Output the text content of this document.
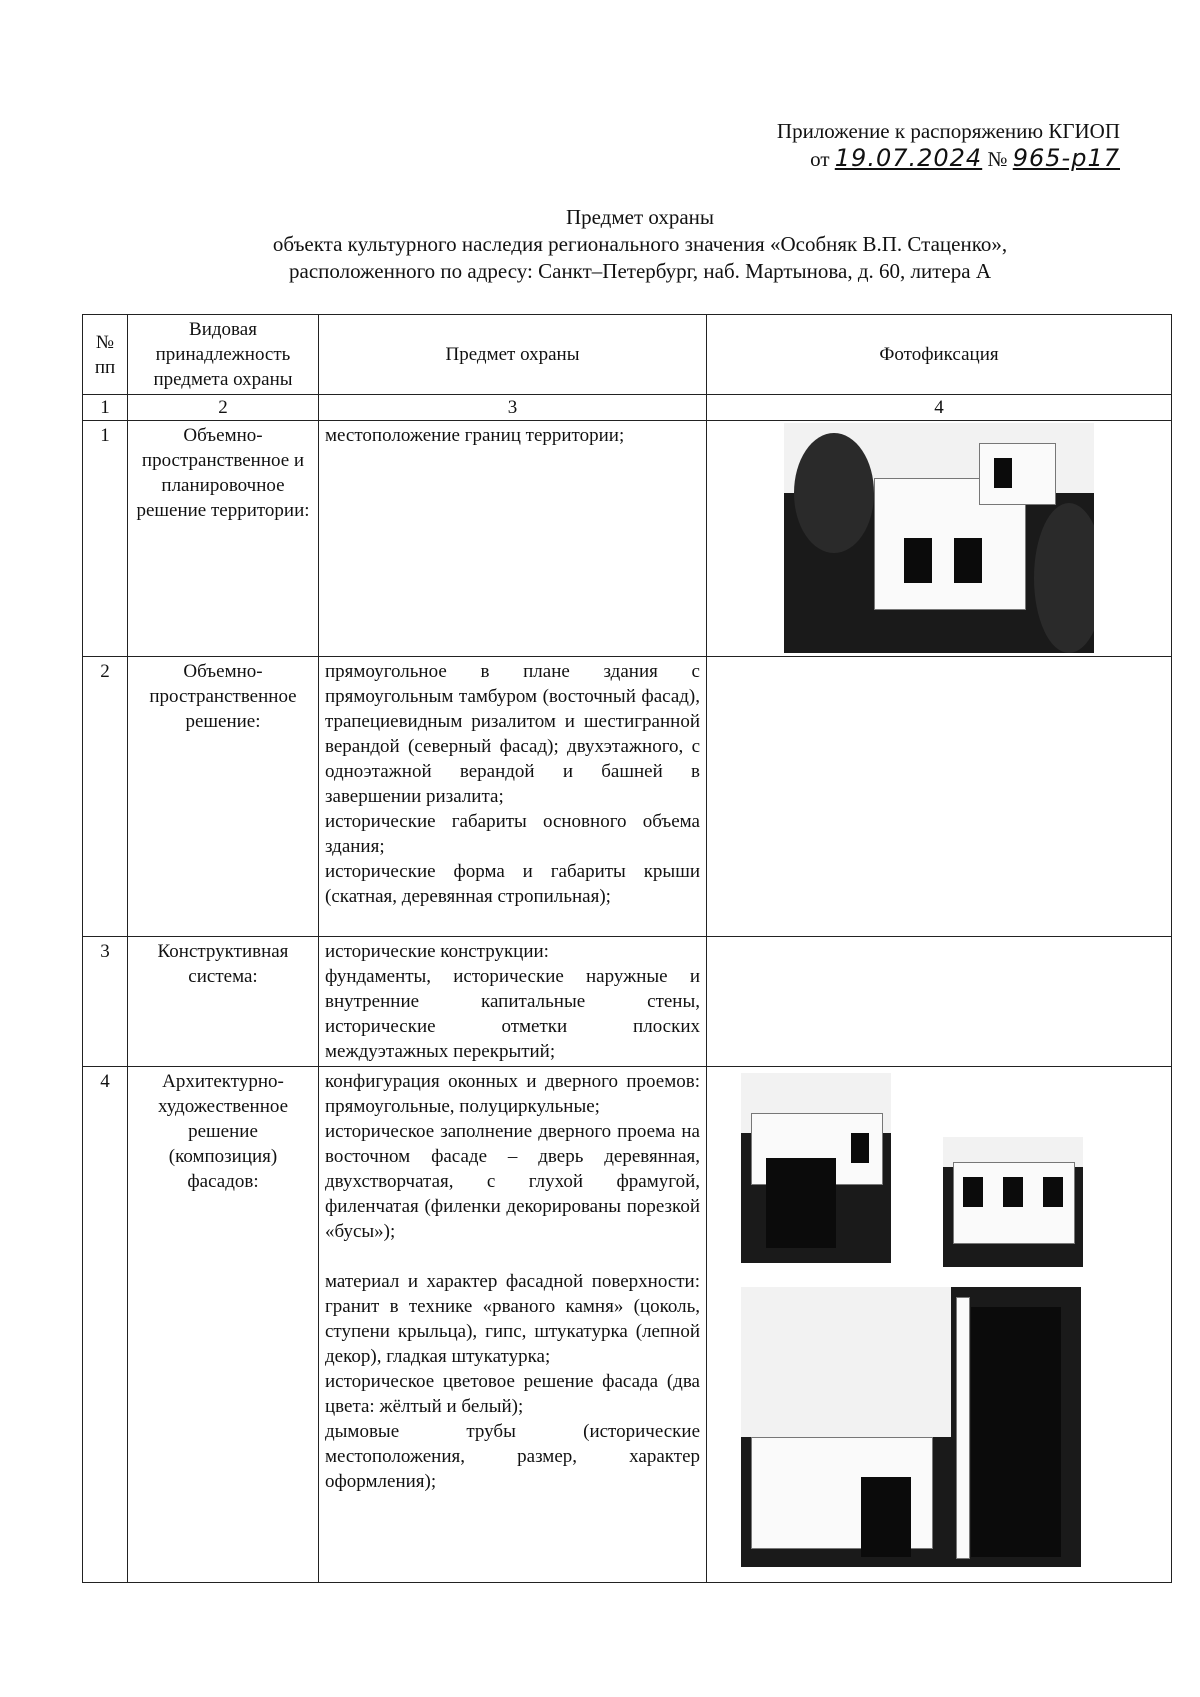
Приложение к распоряжению КГИОП
от 19.07.2024 № 965-р17
Предмет охраны
объекта культурного наследия регионального значения «Особняк В.П. Стаценко»,
расположенного по адресу: Санкт–Петербург, наб. Мартынова, д. 60, литера А
№ пп	Видовая принадлежность предмета охраны	Предмет охраны	Фотофиксация
1	2	3	4
1	Объемно-пространственное и планировочное решение территории:	местоположение границ территории;	

2	Объемно-пространственное решение:	прямоугольное в плане здания с прямоугольным тамбуром (восточный фасад), трапециевидным ризалитом и шестигранной верандой (северный фасад); двухэтажного, с одноэтажной верандой и башней в завершении ризалита;
исторические габариты основного объема здания;
исторические форма и габариты крыши (скатная, деревянная стропильная);	

3	Конструктивная система:	исторические конструкции:
фундаменты, исторические наружные и внутренние капитальные стены, исторические отметки плоских междуэтажных перекрытий;	

4	Архитектурно-художественное решение (композиция) фасадов:	конфигурация оконных и дверного проемов: прямоугольные, полуциркульные;
историческое заполнение дверного проема на восточном фасаде – дверь деревянная, двухстворчатая, с глухой фрамугой, филенчатая (филенки декорированы порезкой «бусы»);
материал и характер фасадной поверхности: гранит в технике «рваного камня» (цоколь, ступени крыльца), гипс, штукатурка (лепной декор), гладкая штукатурка;
историческое цветовое решение фасада (два цвета: жёлтый и белый);
дымовые трубы (исторические местоположения, размер, характер оформления);	
